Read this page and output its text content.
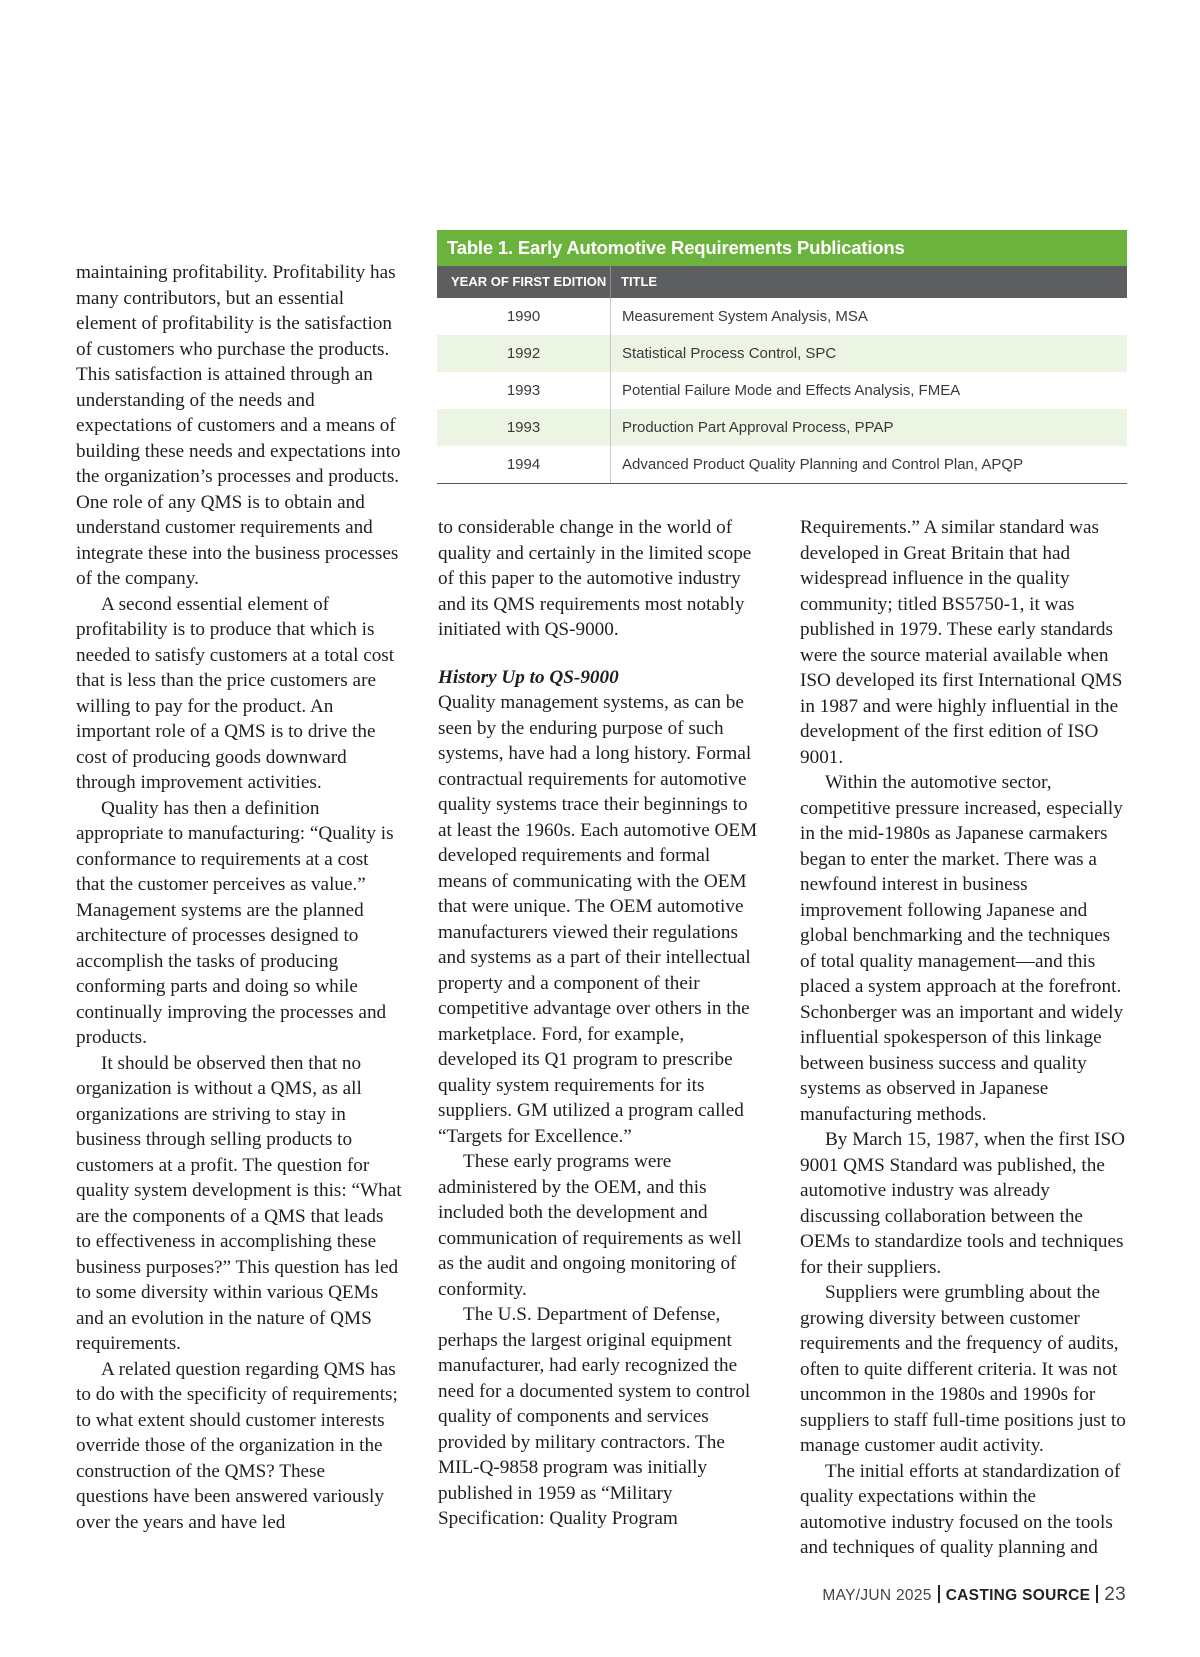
Table 1. Early Automotive Requirements Publications
YEAR OF FIRST EDITION	TITLE
1990	Measurement System Analysis, MSA
1992	Statistical Process Control, SPC
1993	Potential Failure Mode and Effects Analysis, FMEA
1993	Production Part Approval Process, PPAP
1994	Advanced Product Quality Planning and Control Plan, APQP

maintaining profitability. Profitability has many contributors, but an essential element of profitability is the satisfaction of customers who purchase the products. This satisfaction is attained through an understanding of the needs and expectations of customers and a means of building these needs and expectations into the organization’s processes and products. One role of any QMS is to obtain and understand customer requirements and integrate these into the business processes of the company.

A second essential element of profitability is to produce that which is needed to satisfy customers at a total cost that is less than the price customers are willing to pay for the product. An important role of a QMS is to drive the cost of producing goods downward through improvement activities.

Quality has then a definition appropriate to manufacturing: “Quality is conformance to requirements at a cost that the customer perceives as value.” Management systems are the planned architecture of processes designed to accomplish the tasks of producing conforming parts and doing so while continually improving the processes and products.

It should be observed then that no organization is without a QMS, as all organizations are striving to stay in business through selling products to customers at a profit. The question for quality system development is this: “What are the components of a QMS that leads to effectiveness in accomplishing these business purposes?” This question has led to some diversity within various QEMs and an evolution in the nature of QMS requirements.

A related question regarding QMS has to do with the specificity of requirements; to what extent should customer interests override those of the organization in the construction of the QMS? These questions have been answered variously over the years and have led

to considerable change in the world of quality and certainly in the limited scope of this paper to the automotive industry and its QMS requirements most notably initiated with QS-9000.

History Up to QS-9000

Quality management systems, as can be seen by the enduring purpose of such systems, have had a long history. Formal contractual requirements for automotive quality systems trace their beginnings to at least the 1960s. Each automotive OEM developed requirements and formal means of communicating with the OEM that were unique. The OEM automotive manufacturers viewed their regulations and systems as a part of their intellectual property and a component of their competitive advantage over others in the marketplace. Ford, for example, developed its Q1 program to prescribe quality system requirements for its suppliers. GM utilized a program called “Targets for Excellence.”

These early programs were administered by the OEM, and this included both the development and communication of requirements as well as the audit and ongoing monitoring of conformity.

The U.S. Department of Defense, perhaps the largest original equipment manufacturer, had early recognized the need for a documented system to control quality of components and services provided by military contractors. The MIL-Q-9858 program was initially published in 1959 as “Military Specification: Quality Program

Requirements.” A similar standard was developed in Great Britain that had widespread influence in the quality community; titled BS5750-1, it was published in 1979. These early standards were the source material available when ISO developed its first International QMS in 1987 and were highly influential in the development of the first edition of ISO 9001.

Within the automotive sector, competitive pressure increased, especially in the mid-1980s as Japanese carmakers began to enter the market. There was a newfound interest in business improvement following Japanese and global benchmarking and the techniques of total quality management—and this placed a system approach at the forefront. Schonberger was an important and widely influential spokesperson of this linkage between business success and quality systems as observed in Japanese manufacturing methods.

By March 15, 1987, when the first ISO 9001 QMS Standard was published, the automotive industry was already discussing collaboration between the OEMs to standardize tools and techniques for their suppliers.

Suppliers were grumbling about the growing diversity between customer requirements and the frequency of audits, often to quite different criteria. It was not uncommon in the 1980s and 1990s for suppliers to staff full-time positions just to manage customer audit activity.

The initial efforts at standardization of quality expectations within the automotive industry focused on the tools and techniques of quality planning and

MAY/JUN 2025 CASTING SOURCE 23
